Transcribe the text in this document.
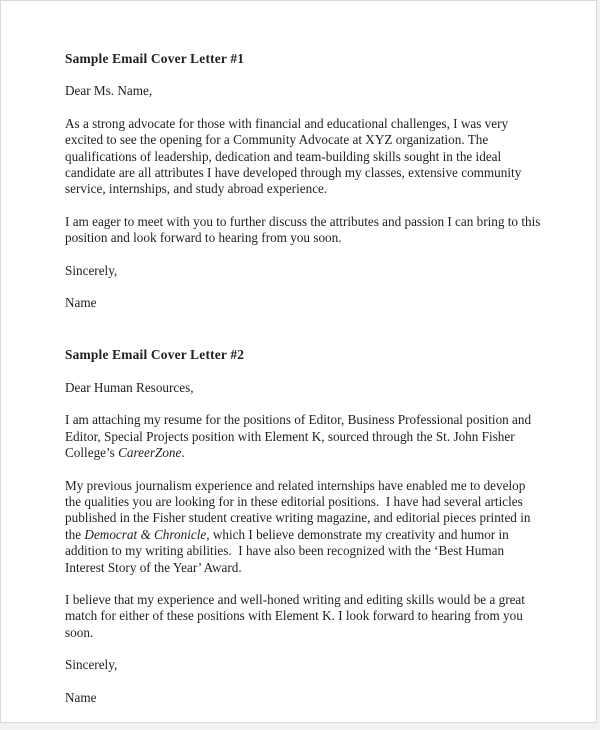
Sample Email Cover Letter #1

Dear Ms. Name,

As a strong advocate for those with financial and educational challenges, I was very excited to see the opening for a Community Advocate at XYZ organization. The qualifications of leadership, dedication and team-building skills sought in the ideal candidate are all attributes I have developed through my classes, extensive community service, internships, and study abroad experience.

I am eager to meet with you to further discuss the attributes and passion I can bring to this position and look forward to hearing from you soon.

Sincerely,

Name

Sample Email Cover Letter #2

Dear Human Resources,

I am attaching my resume for the positions of Editor, Business Professional position and Editor, Special Projects position with Element K, sourced through the St. John Fisher College’s CareerZone.

My previous journalism experience and related internships have enabled me to develop the qualities you are looking for in these editorial positions.  I have had several articles published in the Fisher student creative writing magazine, and editorial pieces printed in the Democrat & Chronicle, which I believe demonstrate my creativity and humor in addition to my writing abilities.  I have also been recognized with the ‘Best Human Interest Story of the Year’ Award.

I believe that my experience and well-honed writing and editing skills would be a great match for either of these positions with Element K. I look forward to hearing from you soon.

Sincerely,

Name
